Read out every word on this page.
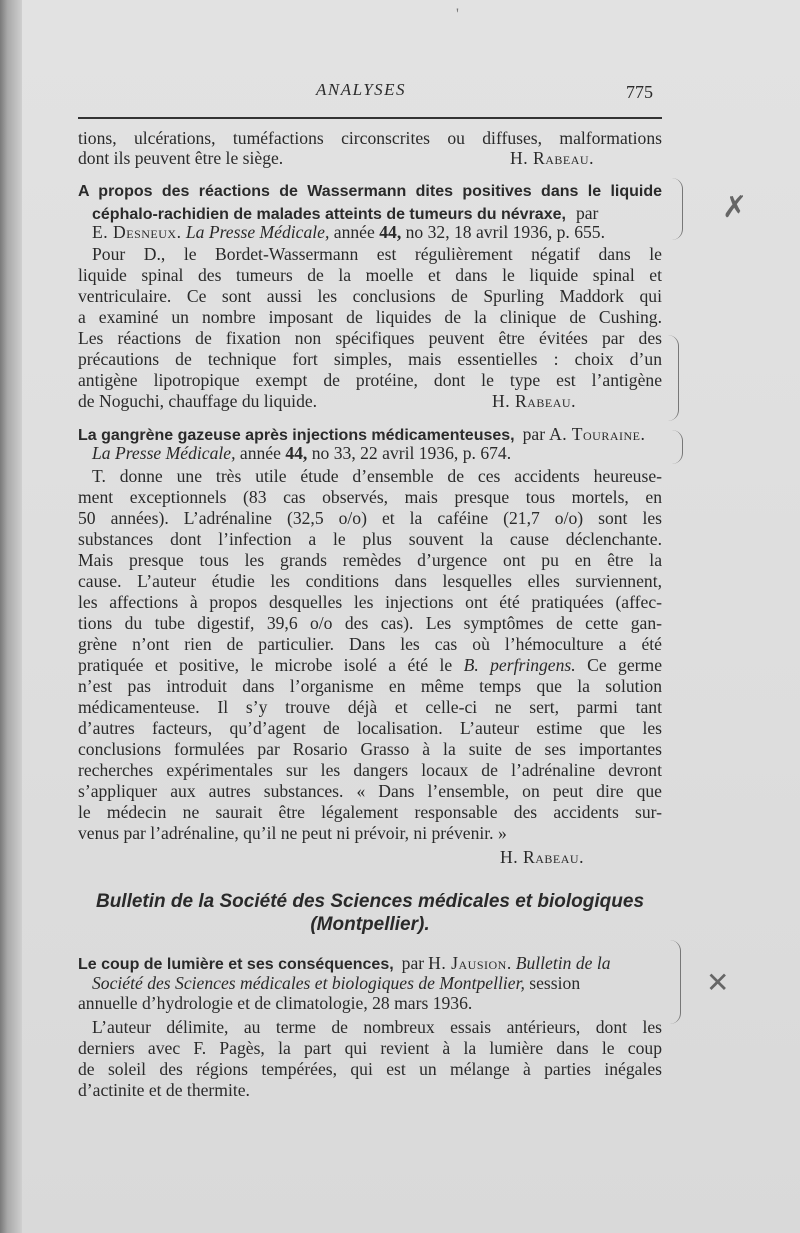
ANALYSES	775
'
tions, ulcérations, tuméfactions circonscrites ou diffuses, malformations
dont ils peuvent être le siège.	H. Rabeau.
A propos des réactions de Wassermann dites positives dans le liquide
céphalo-rachidien de malades atteints de tumeurs du névraxe, par
E. Desneux. La Presse Médicale, année 44, no 32, 18 avril 1936, p. 655.
Pour D., le Bordet-Wassermann est régulièrement négatif dans le
liquide spinal des tumeurs de la moelle et dans le liquide spinal et
ventriculaire. Ce sont aussi les conclusions de Spurling Maddork qui
a examiné un nombre imposant de liquides de la clinique de Cushing.
Les réactions de fixation non spécifiques peuvent être évitées par des
précautions de technique fort simples, mais essentielles : choix d’un
antigène lipotropique exempt de protéine, dont le type est l’antigène
de Noguchi, chauffage du liquide.	H. Rabeau.
La gangrène gazeuse après injections médicamenteuses, par A. Touraine.
La Presse Médicale, année 44, no 33, 22 avril 1936, p. 674.
T. donne une très utile étude d’ensemble de ces accidents heureuse-
ment exceptionnels (83 cas observés, mais presque tous mortels, en
50 années). L’adrénaline (32,5 o/o) et la caféine (21,7 o/o) sont les
substances dont l’infection a le plus souvent la cause déclenchante.
Mais presque tous les grands remèdes d’urgence ont pu en être la
cause. L’auteur étudie les conditions dans lesquelles elles surviennent,
les affections à propos desquelles les injections ont été pratiquées (affec-
tions du tube digestif, 39,6 o/o des cas). Les symptômes de cette gan-
grène n’ont rien de particulier. Dans les cas où l’hémoculture a été
pratiquée et positive, le microbe isolé a été le B. perfringens. Ce germe
n’est pas introduit dans l’organisme en même temps que la solution
médicamenteuse. Il s’y trouve déjà et celle-ci ne sert, parmi tant
d’autres facteurs, qu’d’agent de localisation. L’auteur estime que les
conclusions formulées par Rosario Grasso à la suite de ses importantes
recherches expérimentales sur les dangers locaux de l’adrénaline devront
s’appliquer aux autres substances. « Dans l’ensemble, on peut dire que
le médecin ne saurait être légalement responsable des accidents sur-
venus par l’adrénaline, qu’il ne peut ni prévoir, ni prévenir. »
H. Rabeau.
Bulletin de la Société des Sciences médicales et biologiques
(Montpellier).
Le coup de lumière et ses conséquences, par H. Jausion. Bulletin de la
Société des Sciences médicales et biologiques de Montpellier, session
annuelle d’hydrologie et de climatologie, 28 mars 1936.
L’auteur délimite, au terme de nombreux essais antérieurs, dont les
derniers avec F. Pagès, la part qui revient à la lumière dans le coup
de soleil des régions tempérées, qui est un mélange à parties inégales
d’actinite et de thermite.
✗
✕
